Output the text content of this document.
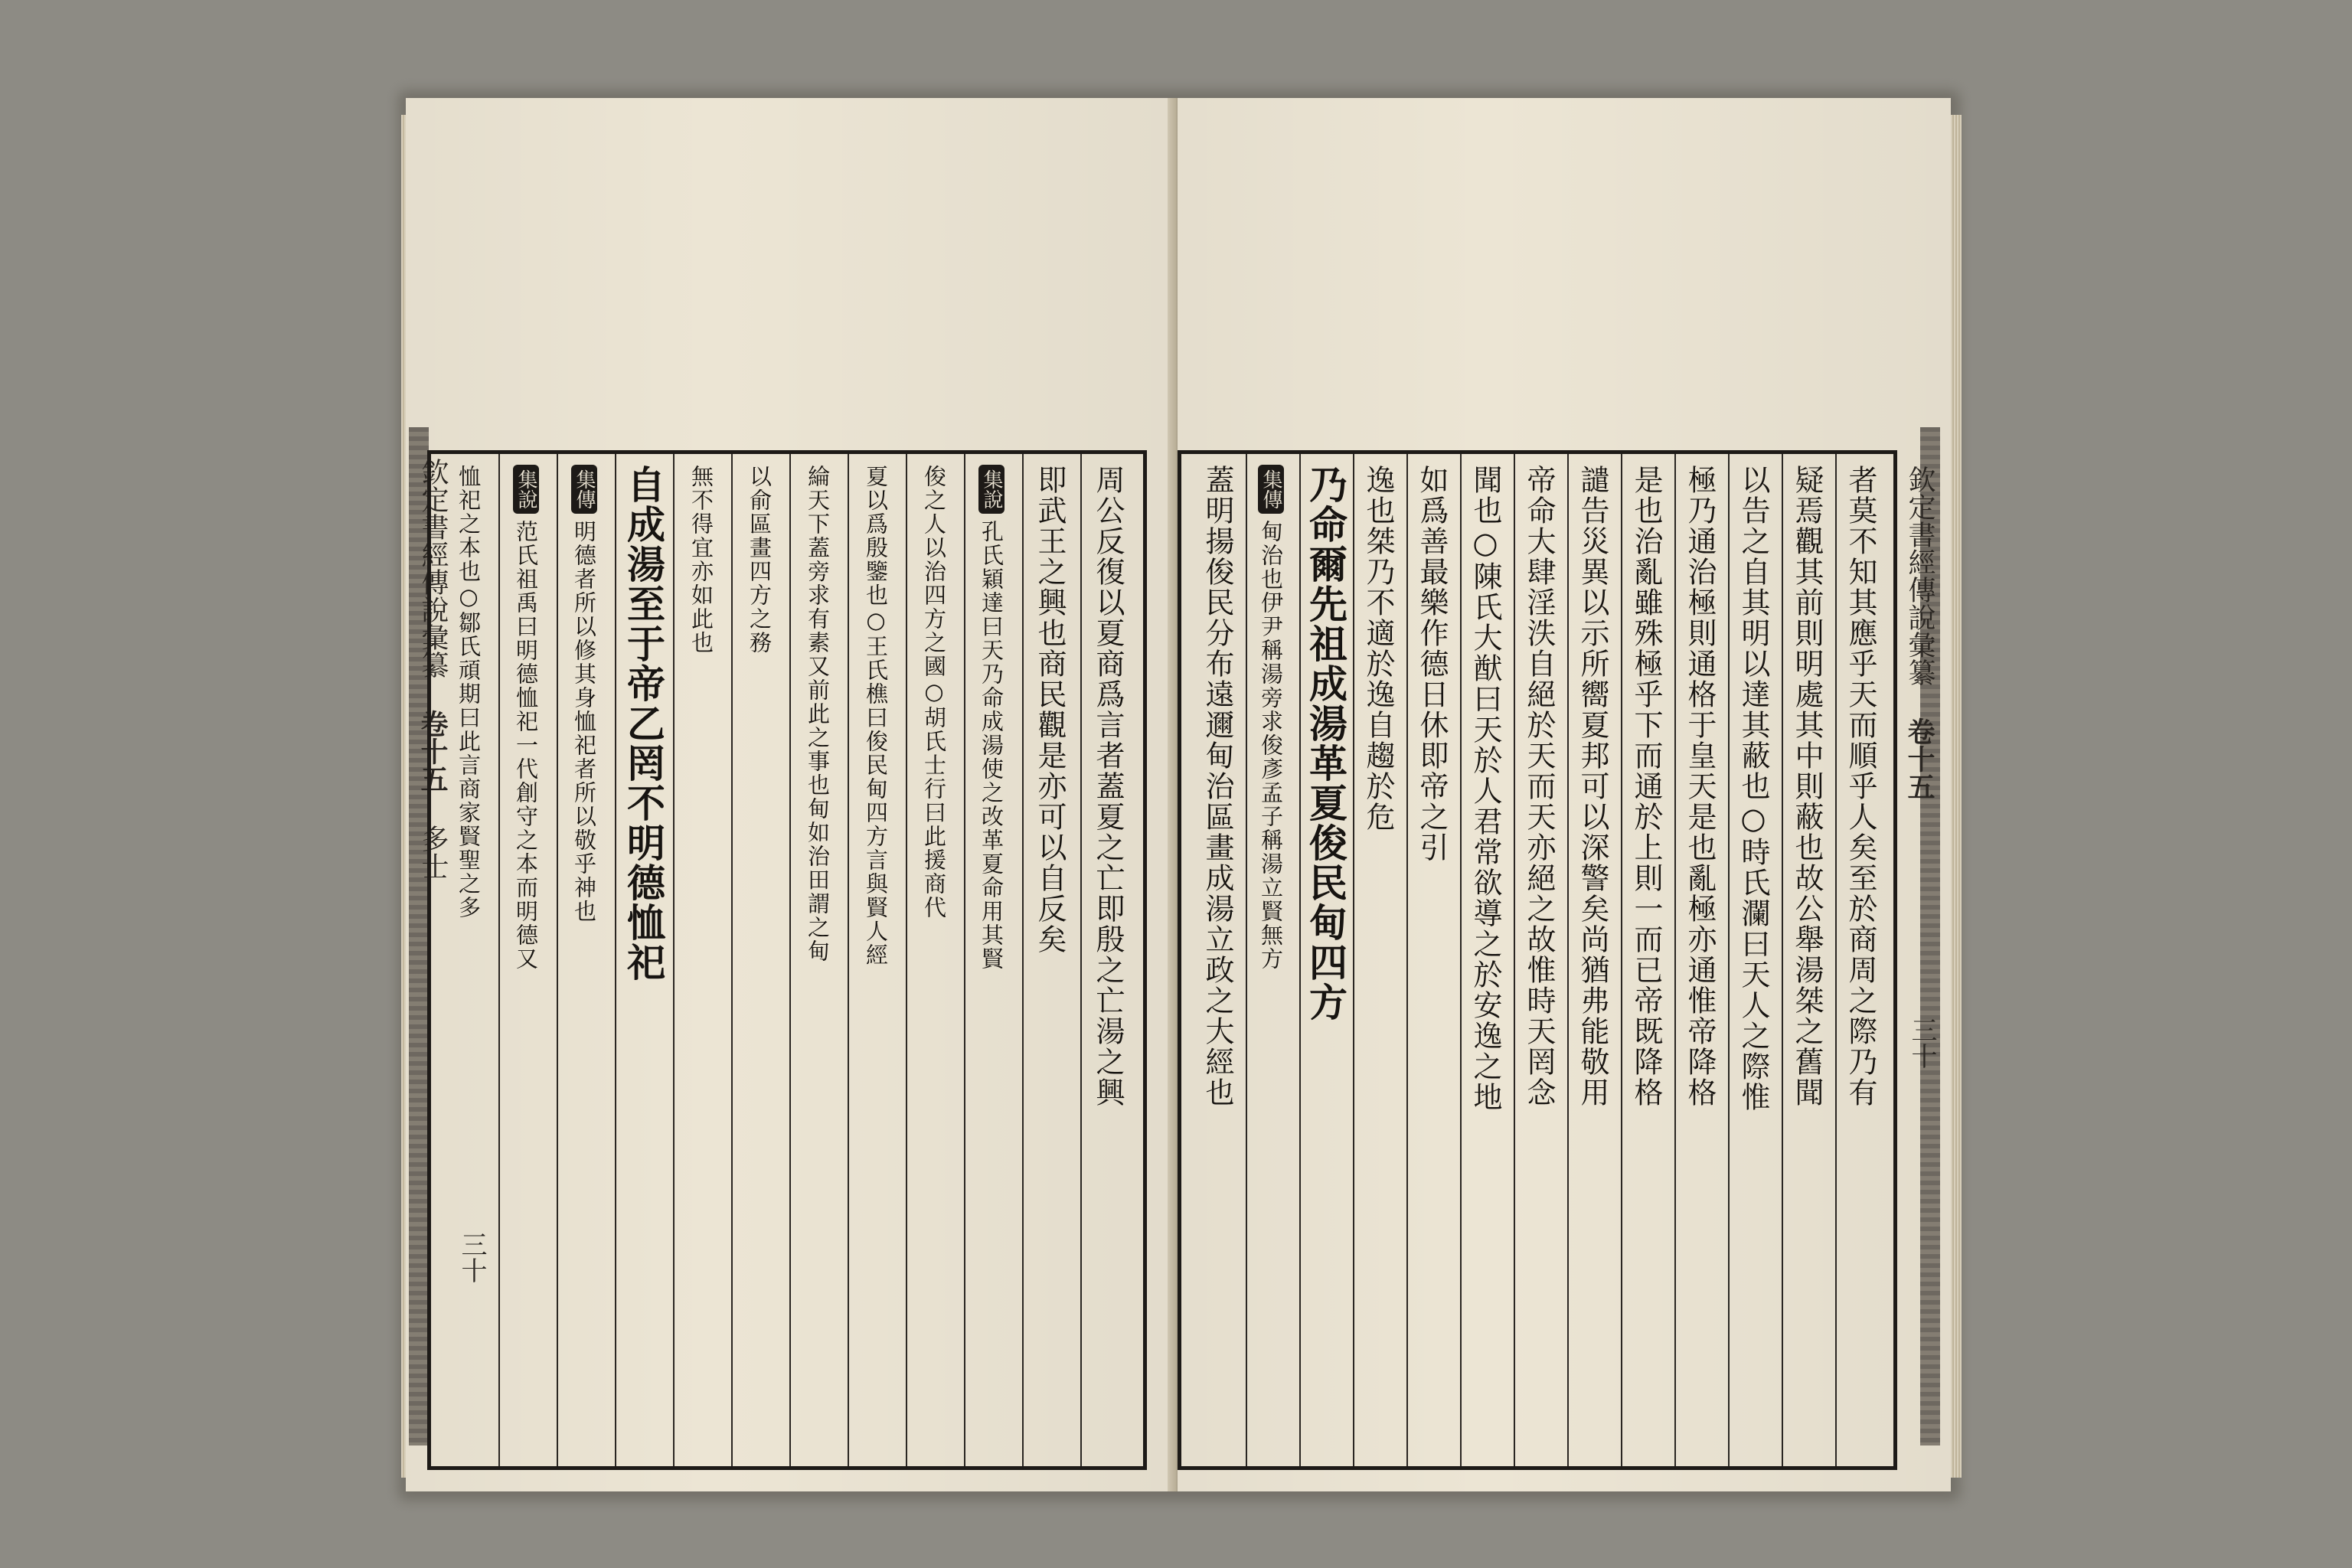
欽定書經傳說彙纂 卷十五 多士
三十
周公反復以夏商爲言者蓋夏之亡即殷之亡湯之興
即武王之興也商民觀是亦可以自反矣
集說孔氏穎達曰天乃命成湯使之改革夏命用其賢
俊之人以治四方之國○胡氏士行曰此援商代
夏以爲殷鑒也○王氏樵曰俊民甸四方言與賢人經
綸天下蓋旁求有素又前此之事也甸如治田謂之甸
以俞區畫四方之務
無不得宜亦如此也
自成湯至于帝乙罔不明德恤祀
集傳明德者所以修其身恤祀者所以敬乎神也
集說范氏祖禹曰明德恤祀一代創守之本而明德又
恤祀之本也○鄒氏頑期曰此言商家賢聖之多	者莫不知其應乎天而順乎人矣至於商周之際乃有
疑焉觀其前則明處其中則蔽也故公舉湯桀之舊聞
以告之自其明以達其蔽也○時氏瀾曰天人之際惟
極乃通治極則通格于皇天是也亂極亦通惟帝降格
是也治亂雖殊極乎下而通於上則一而已帝既降格
譴告災異以示所嚮夏邦可以深警矣尚猶弗能敬用
帝命大肆淫泆自絕於天而天亦絕之故惟時天罔念
聞也○陳氏大猷曰天於人君常欲導之於安逸之地
如爲善最樂作德日休即帝之引
逸也桀乃不適於逸自趨於危
乃命爾先祖成湯革夏俊民甸四方
集傳甸治也伊尹稱湯旁求俊彥孟子稱湯立賢無方
蓋明揚俊民分布遠邇甸治區畫成湯立政之大經也	欽定書經傳說彙纂 卷十五
三十
